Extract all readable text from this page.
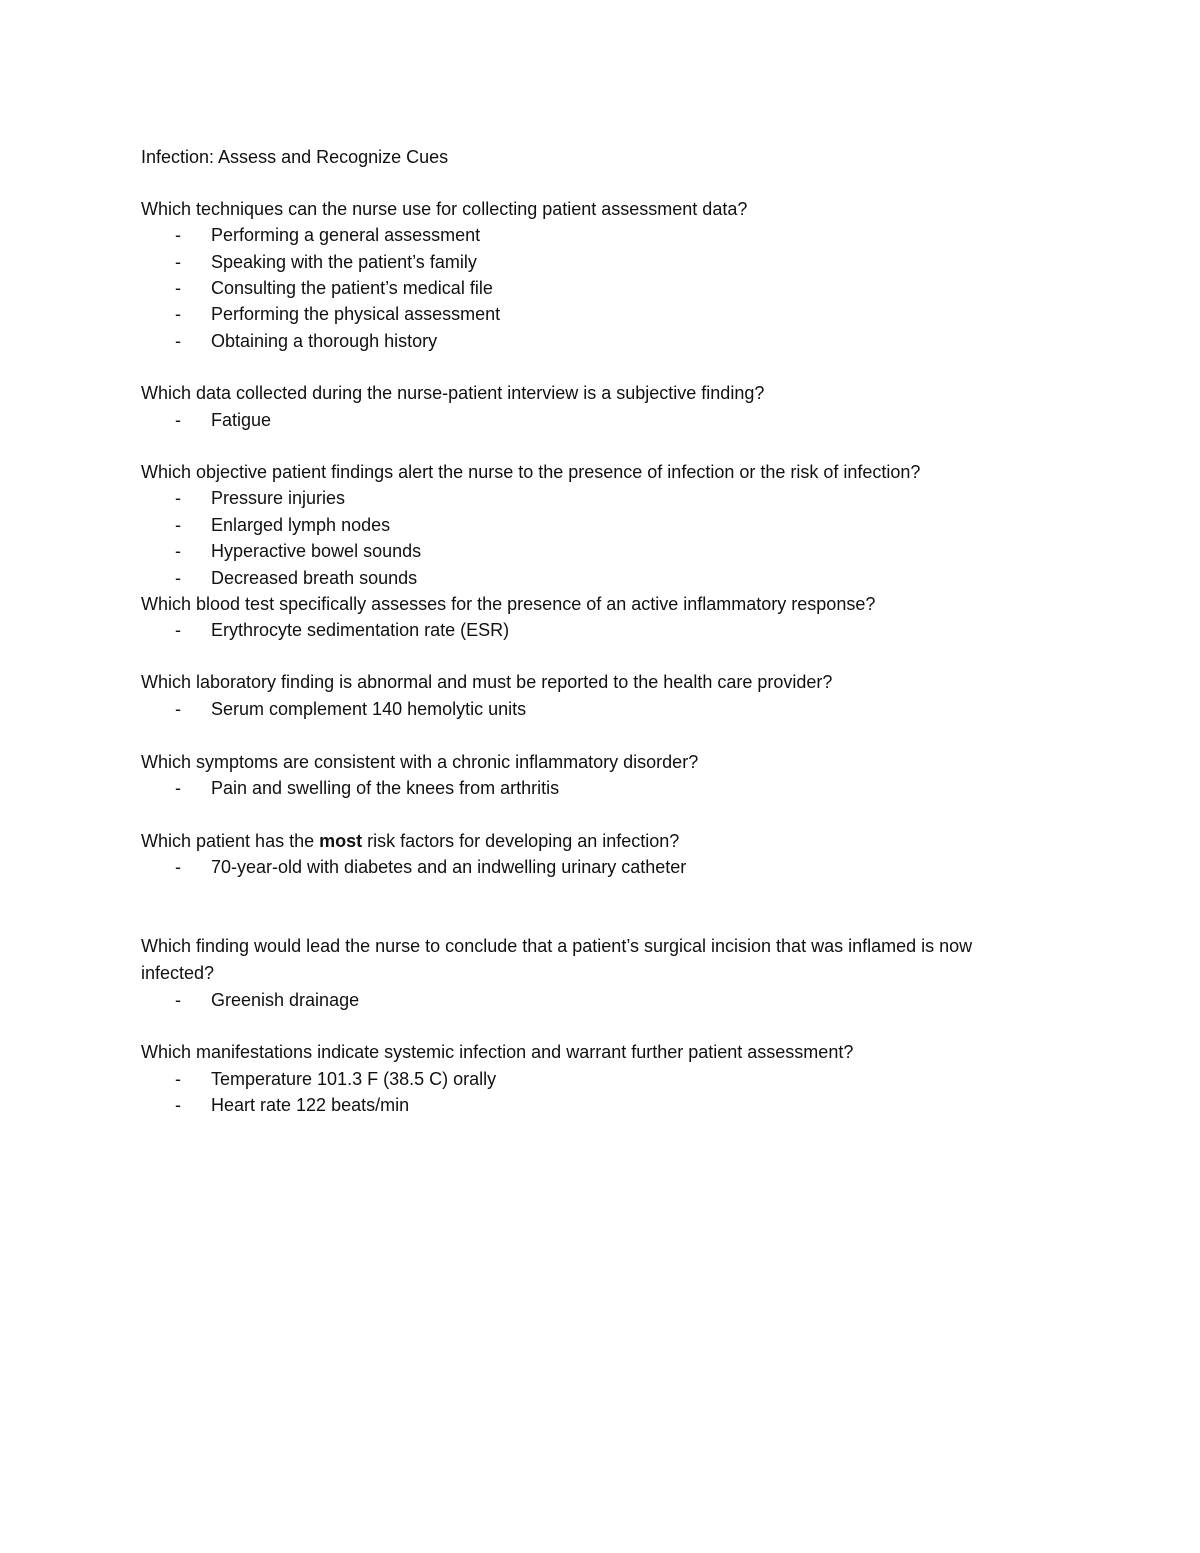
Infection: Assess and Recognize Cues
Which techniques can the nurse use for collecting patient assessment data?
- Performing a general assessment
- Speaking with the patient’s family
- Consulting the patient’s medical file
- Performing the physical assessment
- Obtaining a thorough history
Which data collected during the nurse-patient interview is a subjective finding?
- Fatigue
Which objective patient findings alert the nurse to the presence of infection or the risk of infection?
- Pressure injuries
- Enlarged lymph nodes
- Hyperactive bowel sounds
- Decreased breath sounds
Which blood test specifically assesses for the presence of an active inflammatory response?
- Erythrocyte sedimentation rate (ESR)
Which laboratory finding is abnormal and must be reported to the health care provider?
- Serum complement 140 hemolytic units
Which symptoms are consistent with a chronic inflammatory disorder?
- Pain and swelling of the knees from arthritis
Which patient has the most risk factors for developing an infection?
- 70-year-old with diabetes and an indwelling urinary catheter
Which finding would lead the nurse to conclude that a patient’s surgical incision that was inflamed is now infected?
- Greenish drainage
Which manifestations indicate systemic infection and warrant further patient assessment?
- Temperature 101.3 F (38.5 C) orally
- Heart rate 122 beats/min
